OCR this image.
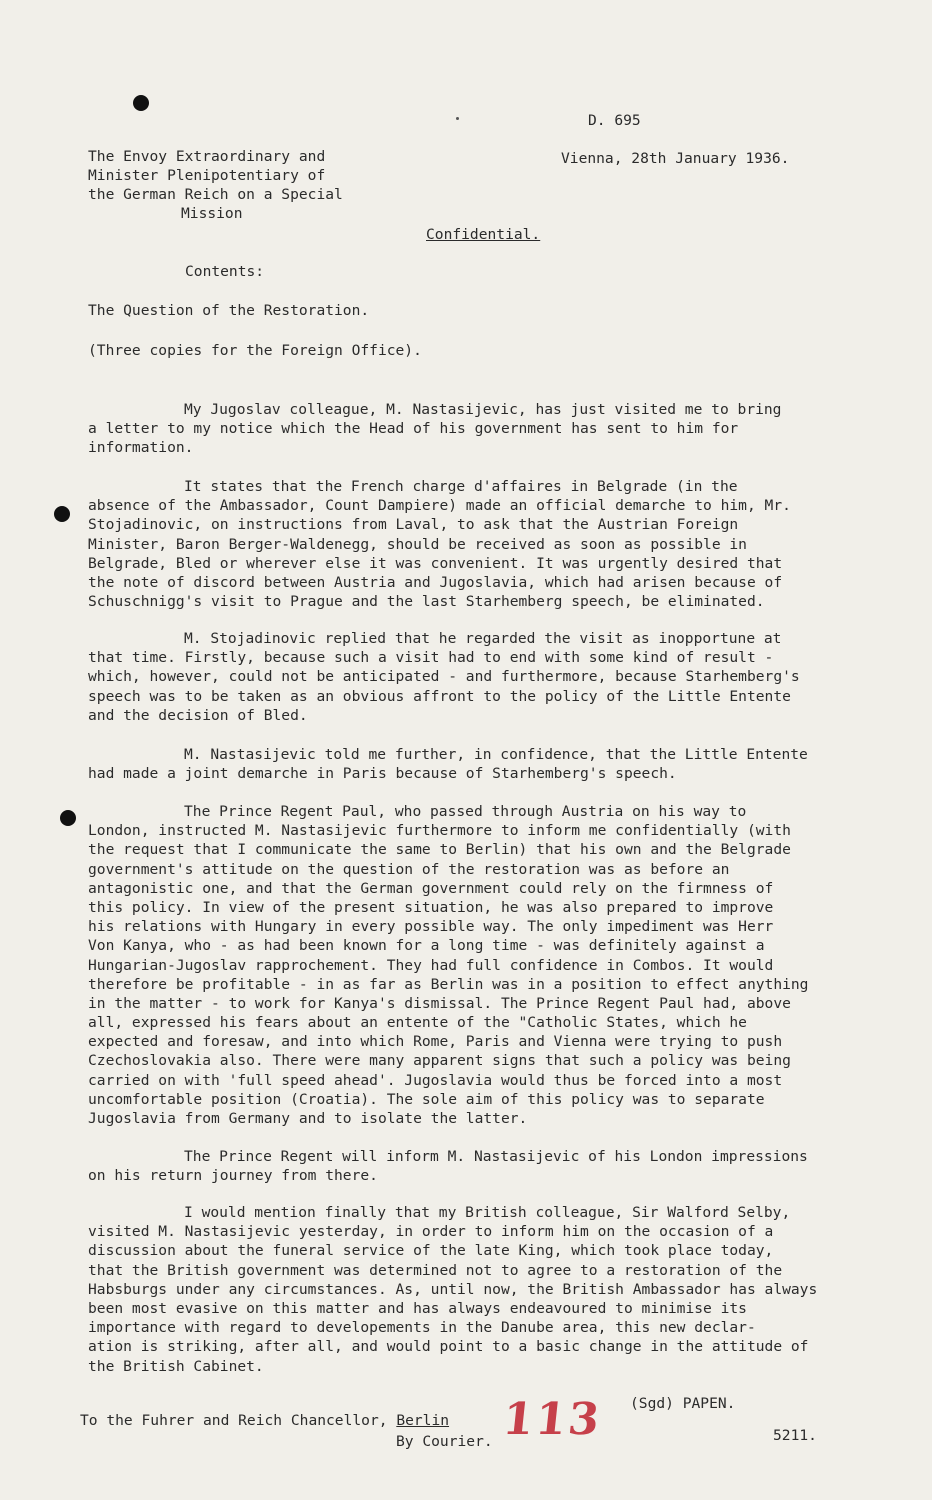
D. 695
Vienna, 28th January 1936.
The Envoy Extraordinary and
Minister Plenipotentiary of
the German Reich on a Special
Mission
Confidential.
Contents:
The Question of the Restoration.
(Three copies for the Foreign Office).
My Jugoslav colleague, M. Nastasijevic, has just visited me to bring
a letter to my notice which the Head of his government has sent to him for
information.
It states that the French charge d'affaires in Belgrade (in the
absence of the Ambassador, Count Dampiere) made an official demarche to him, Mr.
Stojadinovic, on instructions from Laval, to ask that the Austrian Foreign
Minister, Baron Berger-Waldenegg, should be received as soon as possible in
Belgrade, Bled or wherever else it was convenient. It was urgently desired that
the note of discord between Austria and Jugoslavia, which had arisen because of
Schuschnigg's visit to Prague and the last Starhemberg speech, be eliminated.
M. Stojadinovic replied that he regarded the visit as inopportune at
that time. Firstly, because such a visit had to end with some kind of result -
which, however, could not be anticipated - and furthermore, because Starhemberg's
speech was to be taken as an obvious affront to the policy of the Little Entente
and the decision of Bled.
M. Nastasijevic told me further, in confidence, that the Little Entente
had made a joint demarche in Paris because of Starhemberg's speech.
The Prince Regent Paul, who passed through Austria on his way to
London, instructed M. Nastasijevic furthermore to inform me confidentially (with
the request that I communicate the same to Berlin) that his own and the Belgrade
government's attitude on the question of the restoration was as before an
antagonistic one, and that the German government could rely on the firmness of
this policy. In view of the present situation, he was also prepared to improve
his relations with Hungary in every possible way. The only impediment was Herr
Von Kanya, who - as had been known for a long time - was definitely against a
Hungarian-Jugoslav rapprochement. They had full confidence in Combos. It would
therefore be profitable - in as far as Berlin was in a position to effect anything
in the matter - to work for Kanya's dismissal. The Prince Regent Paul had, above
all, expressed his fears about an entente of the "Catholic States, which he
expected and foresaw, and into which Rome, Paris and Vienna were trying to push
Czechoslovakia also. There were many apparent signs that such a policy was being
carried on with 'full speed ahead'. Jugoslavia would thus be forced into a most
uncomfortable position (Croatia). The sole aim of this policy was to separate
Jugoslavia from Germany and to isolate the latter.
The Prince Regent will inform M. Nastasijevic of his London impressions
on his return journey from there.
I would mention finally that my British colleague, Sir Walford Selby,
visited M. Nastasijevic yesterday, in order to inform him on the occasion of a
discussion about the funeral service of the late King, which took place today,
that the British government was determined not to agree to a restoration of the
Habsburgs under any circumstances. As, until now, the British Ambassador has always
been most evasive on this matter and has always endeavoured to minimise its
importance with regard to developements in the Danube area, this new declar-
ation is striking, after all, and would point to a basic change in the attitude of
the British Cabinet.
(Sgd) PAPEN.
To the Fuhrer and Reich Chancellor, Berlin
By Courier.	5211.
113
